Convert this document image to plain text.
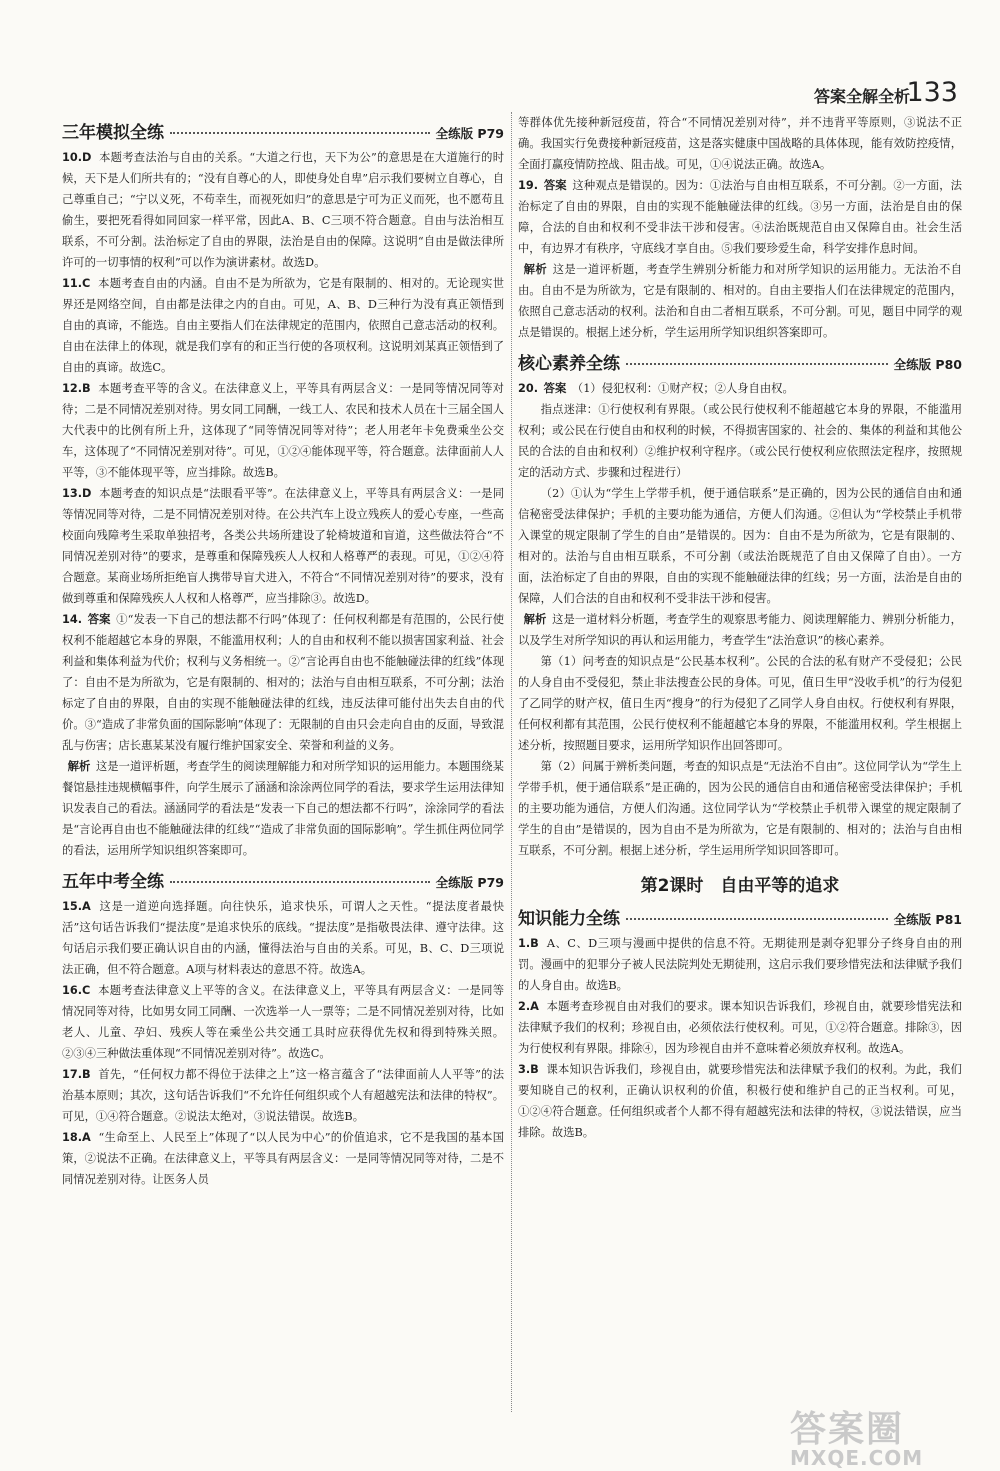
答案全解全析
133
三年模拟全练	全练版 P79

10.D 本题考查法治与自由的关系。“大道之行也，天下为公”的意思是在大道施行的时候，天下是人们所共有的；“没有自尊心的人，即使身处自卑”启示我们要树立自尊心，自己尊重自己；“宁以义死，不苟幸生，而视死如归”的意思是宁可为正义而死，也不愿苟且偷生，要把死看得如同回家一样平常，因此A、B、C三项不符合题意。自由与法治相互联系，不可分割。法治标定了自由的界限，法治是自由的保障。这说明“自由是做法律所许可的一切事情的权利”可以作为演讲素材。故选D。

11.C 本题考查自由的内涵。自由不是为所欲为，它是有限制的、相对的。无论现实世界还是网络空间，自由都是法律之内的自由。可见，A、B、D三种行为没有真正领悟到自由的真谛，不能选。自由主要指人们在法律规定的范围内，依照自己意志活动的权利。自由在法律上的体现，就是我们享有的和正当行使的各项权利。这说明刘某真正领悟到了自由的真谛。故选C。

12.B 本题考查平等的含义。在法律意义上，平等具有两层含义：一是同等情况同等对待；二是不同情况差别对待。男女同工同酬，一线工人、农民和技术人员在十三届全国人大代表中的比例有所上升，这体现了“同等情况同等对待”；老人用老年卡免费乘坐公交车，这体现了“不同情况差别对待”。可见，①②④能体现平等，符合题意。法律面前人人平等，③不能体现平等，应当排除。故选B。

13.D 本题考查的知识点是“法眼看平等”。在法律意义上，平等具有两层含义：一是同等情况同等对待，二是不同情况差别对待。在公共汽车上设立残疾人的爱心专座，一些高校面向残障考生采取单独招考，各类公共场所建设了轮椅坡道和盲道，这些做法符合“不同情况差别对待”的要求，是尊重和保障残疾人人权和人格尊严的表现。可见，①②④符合题意。某商业场所拒绝盲人携带导盲犬进入，不符合“不同情况差别对待”的要求，没有做到尊重和保障残疾人人权和人格尊严，应当排除③。故选D。

14. 答案 ①“发表一下自己的想法都不行吗”体现了：任何权利都是有范围的，公民行使权利不能超越它本身的界限，不能滥用权利；人的自由和权利不能以损害国家利益、社会利益和集体利益为代价；权利与义务相统一。②“言论再自由也不能触碰法律的红线”体现了：自由不是为所欲为，它是有限制的、相对的；法治与自由相互联系，不可分割；法治标定了自由的界限，自由的实现不能触碰法律的红线，违反法律可能付出失去自由的代价。③“造成了非常负面的国际影响”体现了：无限制的自由只会走向自由的反面，导致混乱与伤害；店长惠某某没有履行维护国家安全、荣誉和利益的义务。

解析 这是一道评析题，考查学生的阅读理解能力和对所学知识的运用能力。本题围绕某餐馆悬挂违规横幅事件，向学生展示了涵涵和涂涂两位同学的看法，要求学生运用法律知识发表自己的看法。涵涵同学的看法是“发表一下自己的想法都不行吗”，涂涂同学的看法是“言论再自由也不能触碰法律的红线”“造成了非常负面的国际影响”。学生抓住两位同学的看法，运用所学知识组织答案即可。

五年中考全练	全练版 P79

15.A 这是一道逆向选择题。向往快乐，追求快乐，可谓人之天性。“提法度者最快活”这句话告诉我们“提法度”是追求快乐的底线。“提法度”是指敬畏法律、遵守法律。这句话启示我们要正确认识自由的内涵，懂得法治与自由的关系。可见，B、C、D三项说法正确，但不符合题意。A项与材料表达的意思不符。故选A。

16.C 本题考查法律意义上平等的含义。在法律意义上，平等具有两层含义：一是同等情况同等对待，比如男女同工同酬、一次选举一人一票等；二是不同情况差别对待，比如老人、儿童、孕妇、残疾人等在乘坐公共交通工具时应获得优先权和得到特殊关照。②③④三种做法重体现“不同情况差别对待”。故选C。

17.B 首先，“任何权力都不得位于法律之上”这一格言蕴含了“法律面前人人平等”的法治基本原则；其次，这句话告诉我们“不允许任何组织或个人有超越宪法和法律的特权”。可见，①④符合题意。②说法太绝对，③说法错误。故选B。

18.A “生命至上、人民至上”体现了“以人民为中心”的价值追求，它不是我国的基本国策，②说法不正确。在法律意义上，平等具有两层含义：一是同等情况同等对待，二是不同情况差别对待。让医务人员

等群体优先接种新冠疫苗，符合“不同情况差别对待”，并不违背平等原则，③说法不正确。我国实行免费接种新冠疫苗，这是落实健康中国战略的具体体现，能有效防控疫情，全面打赢疫情防控战、阻击战。可见，①④说法正确。故选A。

19. 答案 这种观点是错误的。因为：①法治与自由相互联系，不可分割。②一方面，法治标定了自由的界限，自由的实现不能触碰法律的红线。③另一方面，法治是自由的保障，合法的自由和权利不受非法干涉和侵害。④法治既规范自由又保障自由。社会生活中，有边界才有秩序，守底线才享自由。⑤我们要珍爱生命，科学安排作息时间。

解析 这是一道评析题，考查学生辨别分析能力和对所学知识的运用能力。无法治不自由。自由不是为所欲为，它是有限制的、相对的。自由主要指人们在法律规定的范围内，依照自己意志活动的权利。法治和自由二者相互联系，不可分割。可见，题目中同学的观点是错误的。根据上述分析，学生运用所学知识组织答案即可。

核心素养全练	全练版 P80

20. 答案 （1）侵犯权利：①财产权；②人身自由权。

指点迷津：①行使权利有界限。（或公民行使权利不能超越它本身的界限，不能滥用权利；或公民在行使自由和权利的时候，不得损害国家的、社会的、集体的利益和其他公民的合法的自由和权利）②维护权利守程序。（或公民行使权利应依照法定程序，按照规定的活动方式、步骤和过程进行）

（2）①认为“学生上学带手机，便于通信联系”是正确的，因为公民的通信自由和通信秘密受法律保护；手机的主要功能为通信，方便人们沟通。②但认为“学校禁止手机带入课堂的规定限制了学生的自由”是错误的。因为：自由不是为所欲为，它是有限制的、相对的。法治与自由相互联系，不可分割（或法治既规范了自由又保障了自由）。一方面，法治标定了自由的界限，自由的实现不能触碰法律的红线；另一方面，法治是自由的保障，人们合法的自由和权利不受非法干涉和侵害。

解析 这是一道材料分析题，考查学生的观察思考能力、阅读理解能力、辨别分析能力，以及学生对所学知识的再认和运用能力，考查学生“法治意识”的核心素养。

第（1）问考查的知识点是“公民基本权利”。公民的合法的私有财产不受侵犯；公民的人身自由不受侵犯，禁止非法搜查公民的身体。可见，值日生甲“没收手机”的行为侵犯了乙同学的财产权，值日生丙“搜身”的行为侵犯了乙同学人身自由权。行使权利有界限，任何权利都有其范围，公民行使权利不能超越它本身的界限，不能滥用权利。学生根据上述分析，按照题目要求，运用所学知识作出回答即可。

第（2）问属于辨析类问题，考查的知识点是“无法治不自由”。这位同学认为“学生上学带手机，便于通信联系”是正确的，因为公民的通信自由和通信秘密受法律保护；手机的主要功能为通信，方便人们沟通。这位同学认为“学校禁止手机带入课堂的规定限制了学生的自由”是错误的，因为自由不是为所欲为，它是有限制的、相对的；法治与自由相互联系，不可分割。根据上述分析，学生运用所学知识回答即可。

第2课时　自由平等的追求
知识能力全练	全练版 P81

1.B A、C、D三项与漫画中提供的信息不符。无期徒刑是剥夺犯罪分子终身自由的刑罚。漫画中的犯罪分子被人民法院判处无期徒刑，这启示我们要珍惜宪法和法律赋予我们的人身自由。故选B。

2.A 本题考查珍视自由对我们的要求。课本知识告诉我们，珍视自由，就要珍惜宪法和法律赋予我们的权利；珍视自由，必须依法行使权利。可见，①②符合题意。排除③，因为行使权利有界限。排除④，因为珍视自由并不意味着必须放弃权利。故选A。

3.B 课本知识告诉我们，珍视自由，就要珍惜宪法和法律赋予我们的权利。为此，我们要知晓自己的权利，正确认识权利的价值，积极行使和维护自己的正当权利。可见，①②④符合题意。任何组织或者个人都不得有超越宪法和法律的特权，③说法错误，应当排除。故选B。

答案圈
MXQE.COM
